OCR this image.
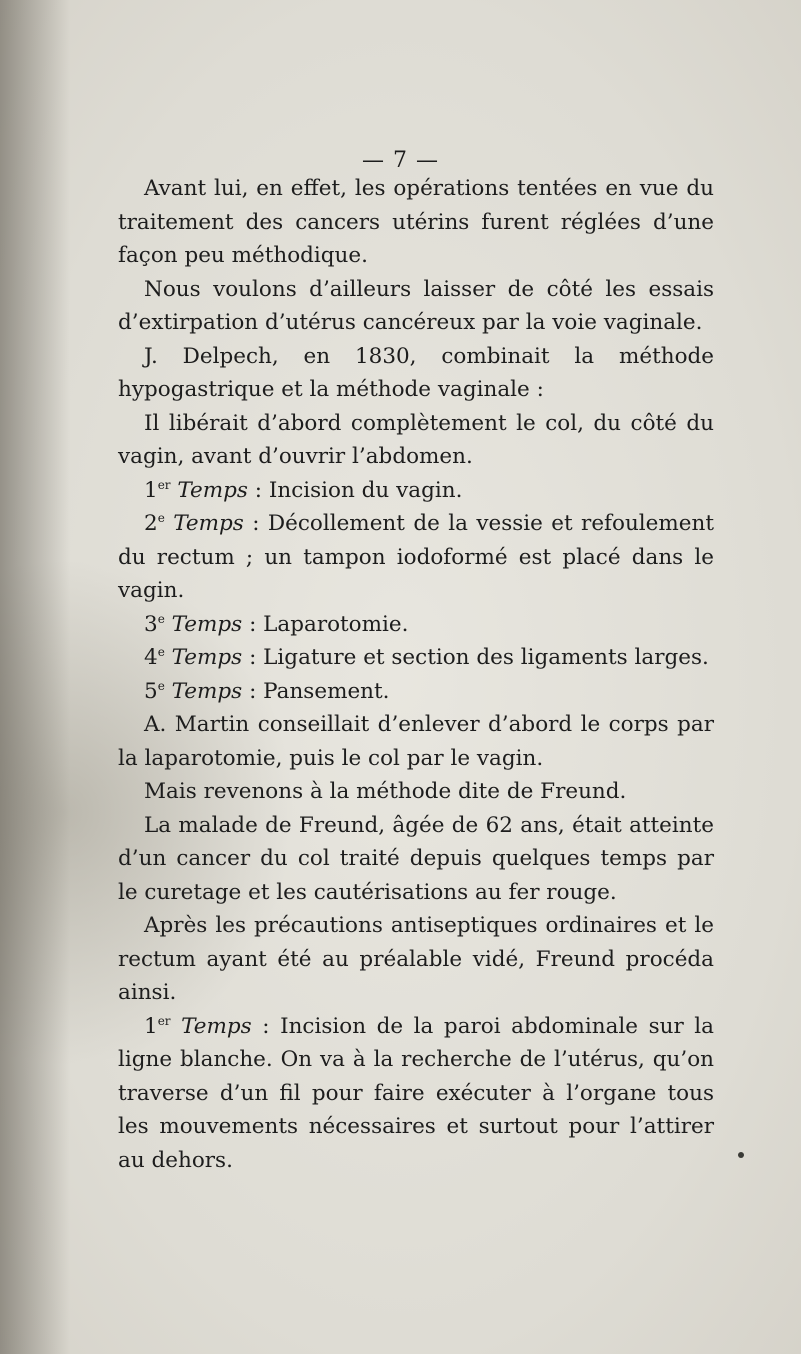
— 7 —

Avant lui, en effet, les opérations tentées en vue du traitement des cancers utérins furent réglées d’une façon peu méthodique.

Nous voulons d’ailleurs laisser de côté les essais d’extirpation d’utérus cancéreux par la voie vaginale.

J. Delpech, en 1830, combinait la méthode hypogastrique et la méthode vaginale :

Il libérait d’abord complètement le col, du côté du vagin, avant d’ouvrir l’abdomen.

1er Temps : Incision du vagin.

2e Temps : Décollement de la vessie et refoulement du rectum ; un tampon iodoformé est placé dans le vagin.

3e Temps : Laparotomie.

4e Temps : Ligature et section des ligaments larges.

5e Temps : Pansement.

A. Martin conseillait d’enlever d’abord le corps par la laparotomie, puis le col par le vagin.

Mais revenons à la méthode dite de Freund.

La malade de Freund, âgée de 62 ans, était atteinte d’un cancer du col traité depuis quelques temps par le curetage et les cautérisations au fer rouge.

Après les précautions antiseptiques ordinaires et le rectum ayant été au préalable vidé, Freund procéda ainsi.

1er Temps : Incision de la paroi abdominale sur la ligne blanche. On va à la recherche de l’utérus, qu’on traverse d’un fil pour faire exécuter à l’organe tous les mouvements nécessaires et surtout pour l’attirer au dehors.
